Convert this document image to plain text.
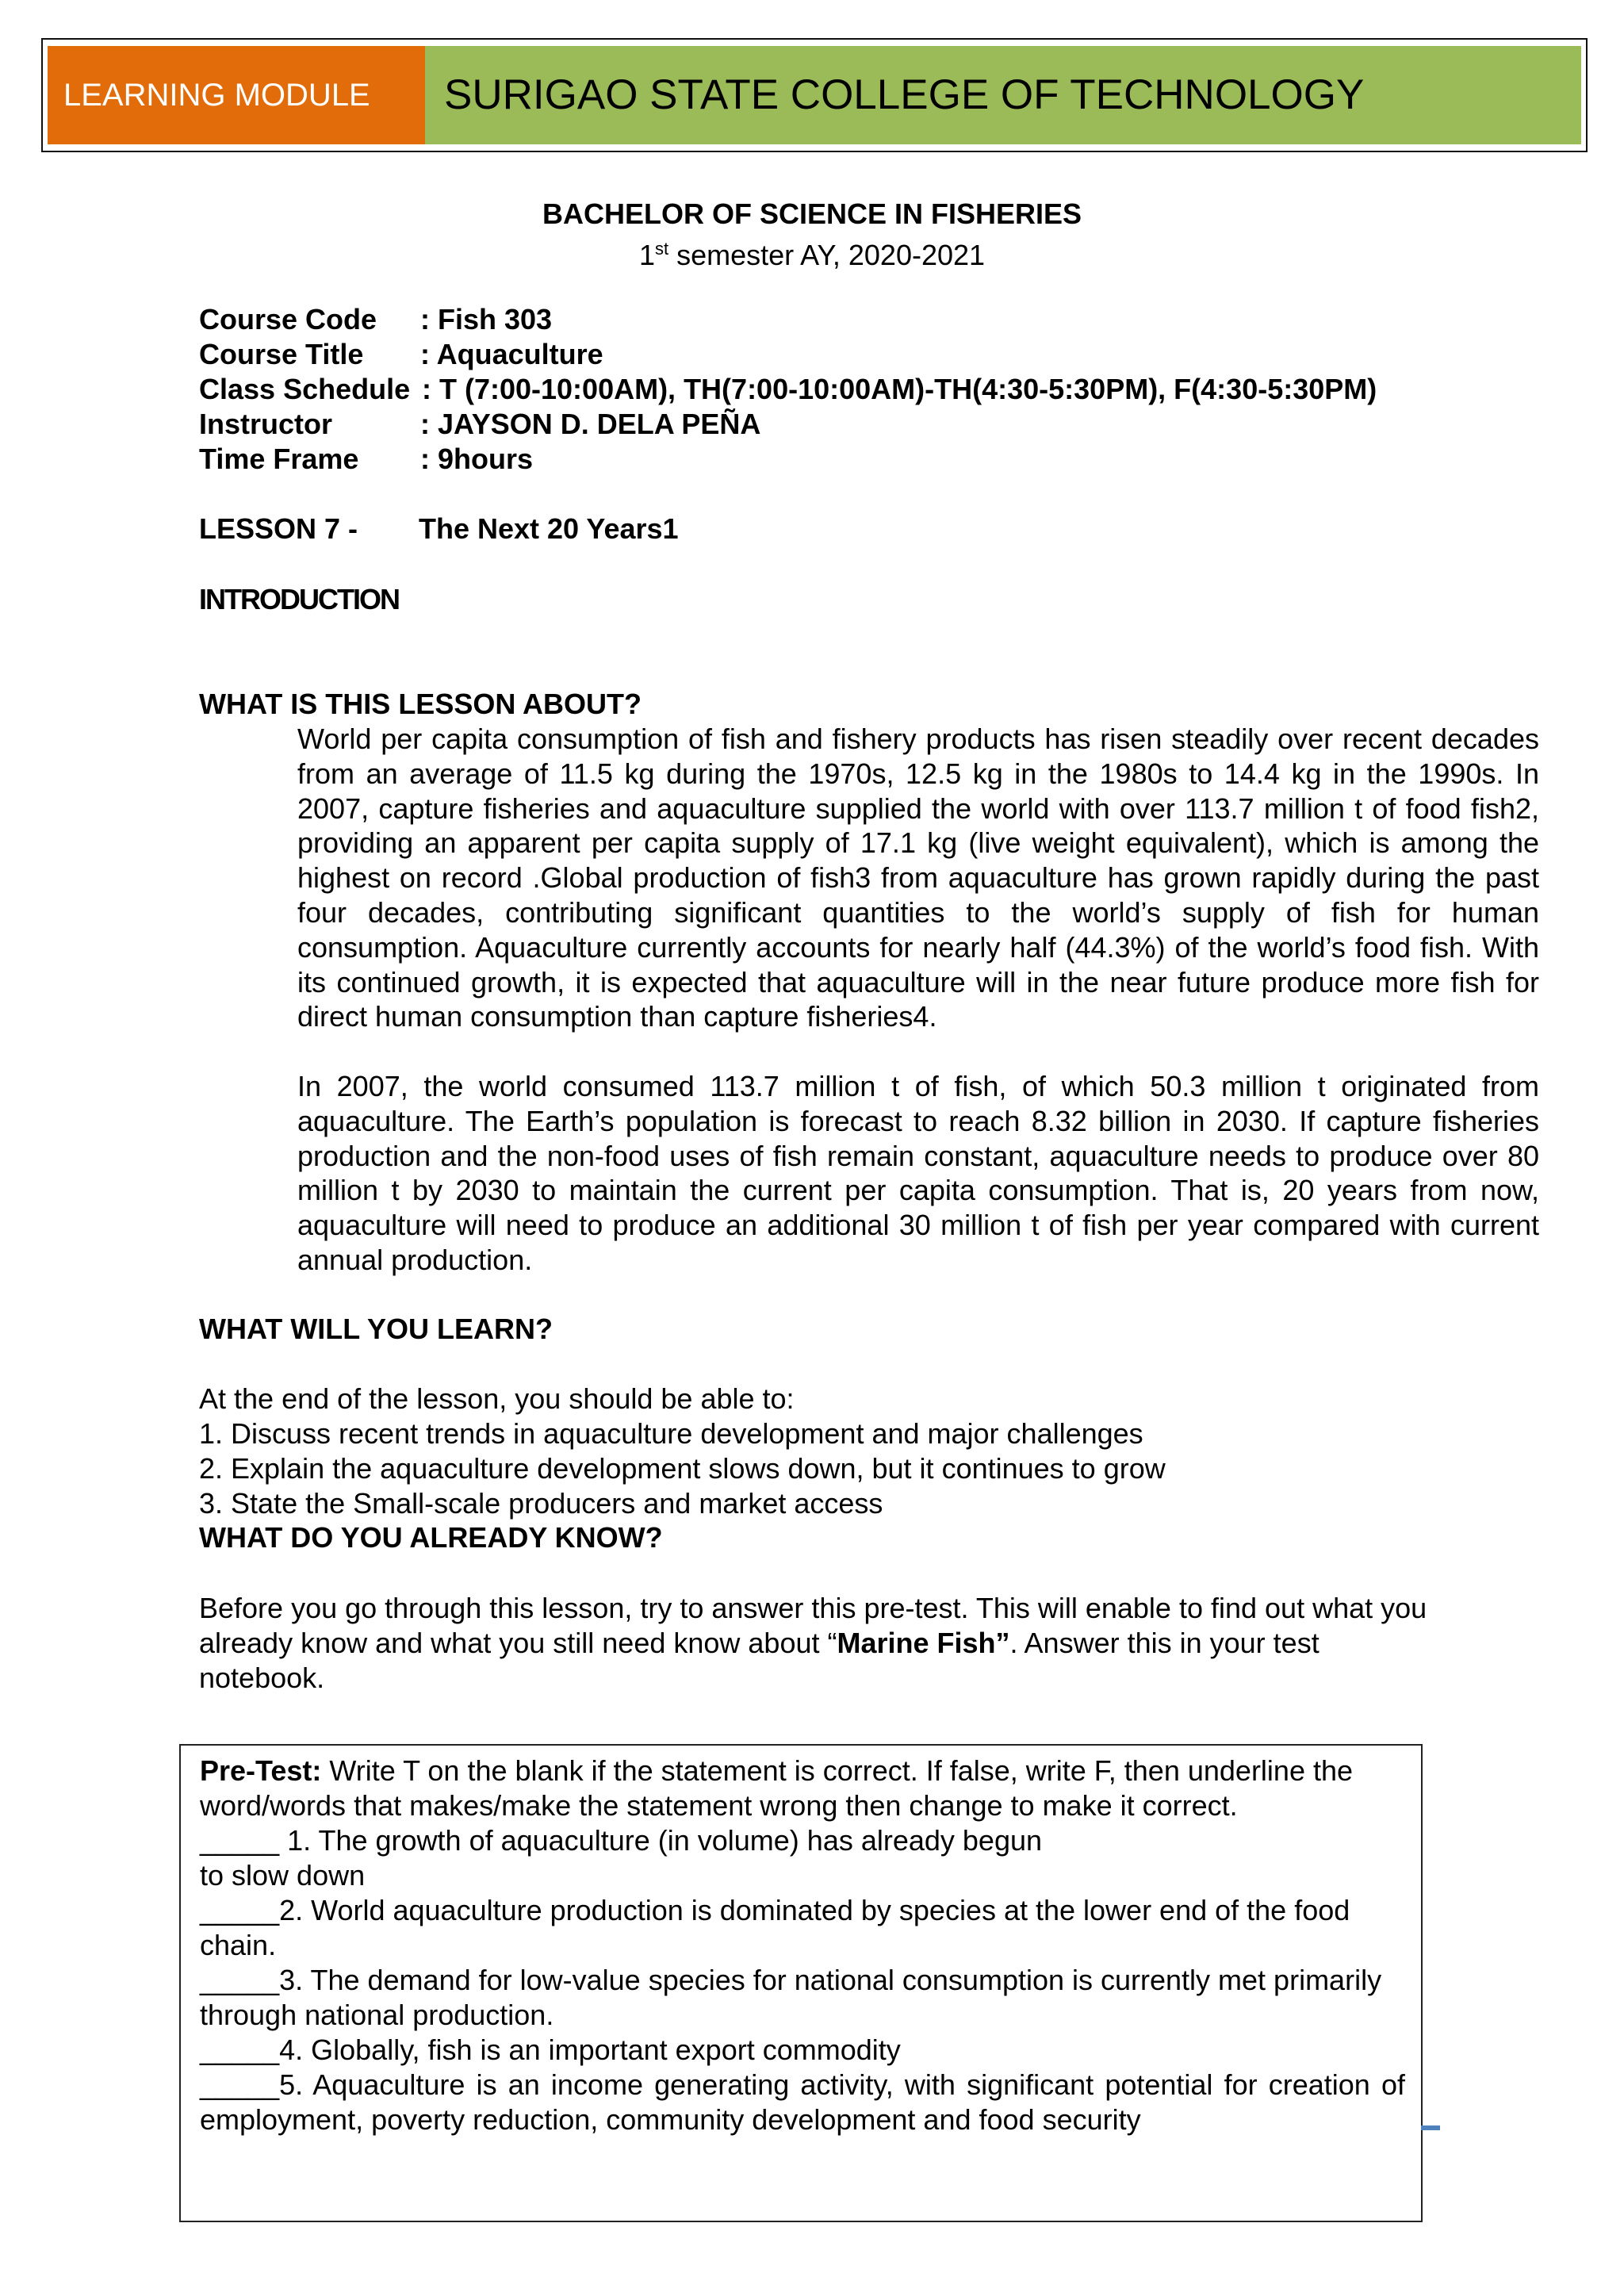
LEARNING MODULE	SURIGAO STATE COLLEGE OF TECHNOLOGY
BACHELOR OF SCIENCE IN FISHERIES
1st semester AY, 2020-2021
Course Code : Fish 303
Course Title : Aquaculture
Class Schedule : T (7:00-10:00AM), TH(7:00-10:00AM)-TH(4:30-5:30PM), F(4:30-5:30PM)
Instructor	: JAYSON D. DELA PEÑA
Time Frame : 9hours
LESSON 7 - The Next 20 Years1
INTRODUCTION
WHAT IS THIS LESSON ABOUT?
World per capita consumption of fish and fishery products has risen steadily over recent decades from an average of 11.5 kg during the 1970s, 12.5 kg in the 1980s to 14.4 kg in the 1990s. In 2007, capture fisheries and aquaculture supplied the world with over 113.7 million t of food fish2, providing an apparent per capita supply of 17.1 kg (live weight equivalent), which is among the highest on record .Global production of fish3 from aquaculture has grown rapidly during the past four decades, contributing significant quantities to the world’s supply of fish for human consumption. Aquaculture currently accounts for nearly half (44.3%) of the world’s food fish. With its continued growth, it is expected that aquaculture will in the near future produce more fish for direct human consumption than capture fisheries4.
In 2007, the world consumed 113.7 million t of fish, of which 50.3 million t originated from aquaculture. The Earth’s population is forecast to reach 8.32 billion in 2030. If capture fisheries production and the non-food uses of fish remain constant, aquaculture needs to produce over 80 million t by 2030 to maintain the current per capita consumption. That is, 20 years from now, aquaculture will need to produce an additional 30 million t of fish per year compared with current annual production.
WHAT WILL YOU LEARN?
At the end of the lesson, you should be able to:
1. Discuss recent trends in aquaculture development and major challenges
2. Explain the aquaculture development slows down, but it continues to grow
3. State the Small-scale producers and market access
WHAT DO YOU ALREADY KNOW?
Before you go through this lesson, try to answer this pre-test. This will enable to find out what you already know and what you still need know about “Marine Fish”. Answer this in your test notebook.
Pre-Test: Write T on the blank if the statement is correct. If false, write F, then underline the word/words that makes/make the statement wrong then change to make it correct.
_____ 1. The growth of aquaculture (in volume) has already begun
to slow down
_____2. World aquaculture production is dominated by species at the lower end of the food chain.
_____3. The demand for low-value species for national consumption is currently met primarily through national production.
_____4. Globally, fish is an important export commodity
_____5. Aquaculture is an income generating activity, with significant potential for creation of employment, poverty reduction, community development and food security
